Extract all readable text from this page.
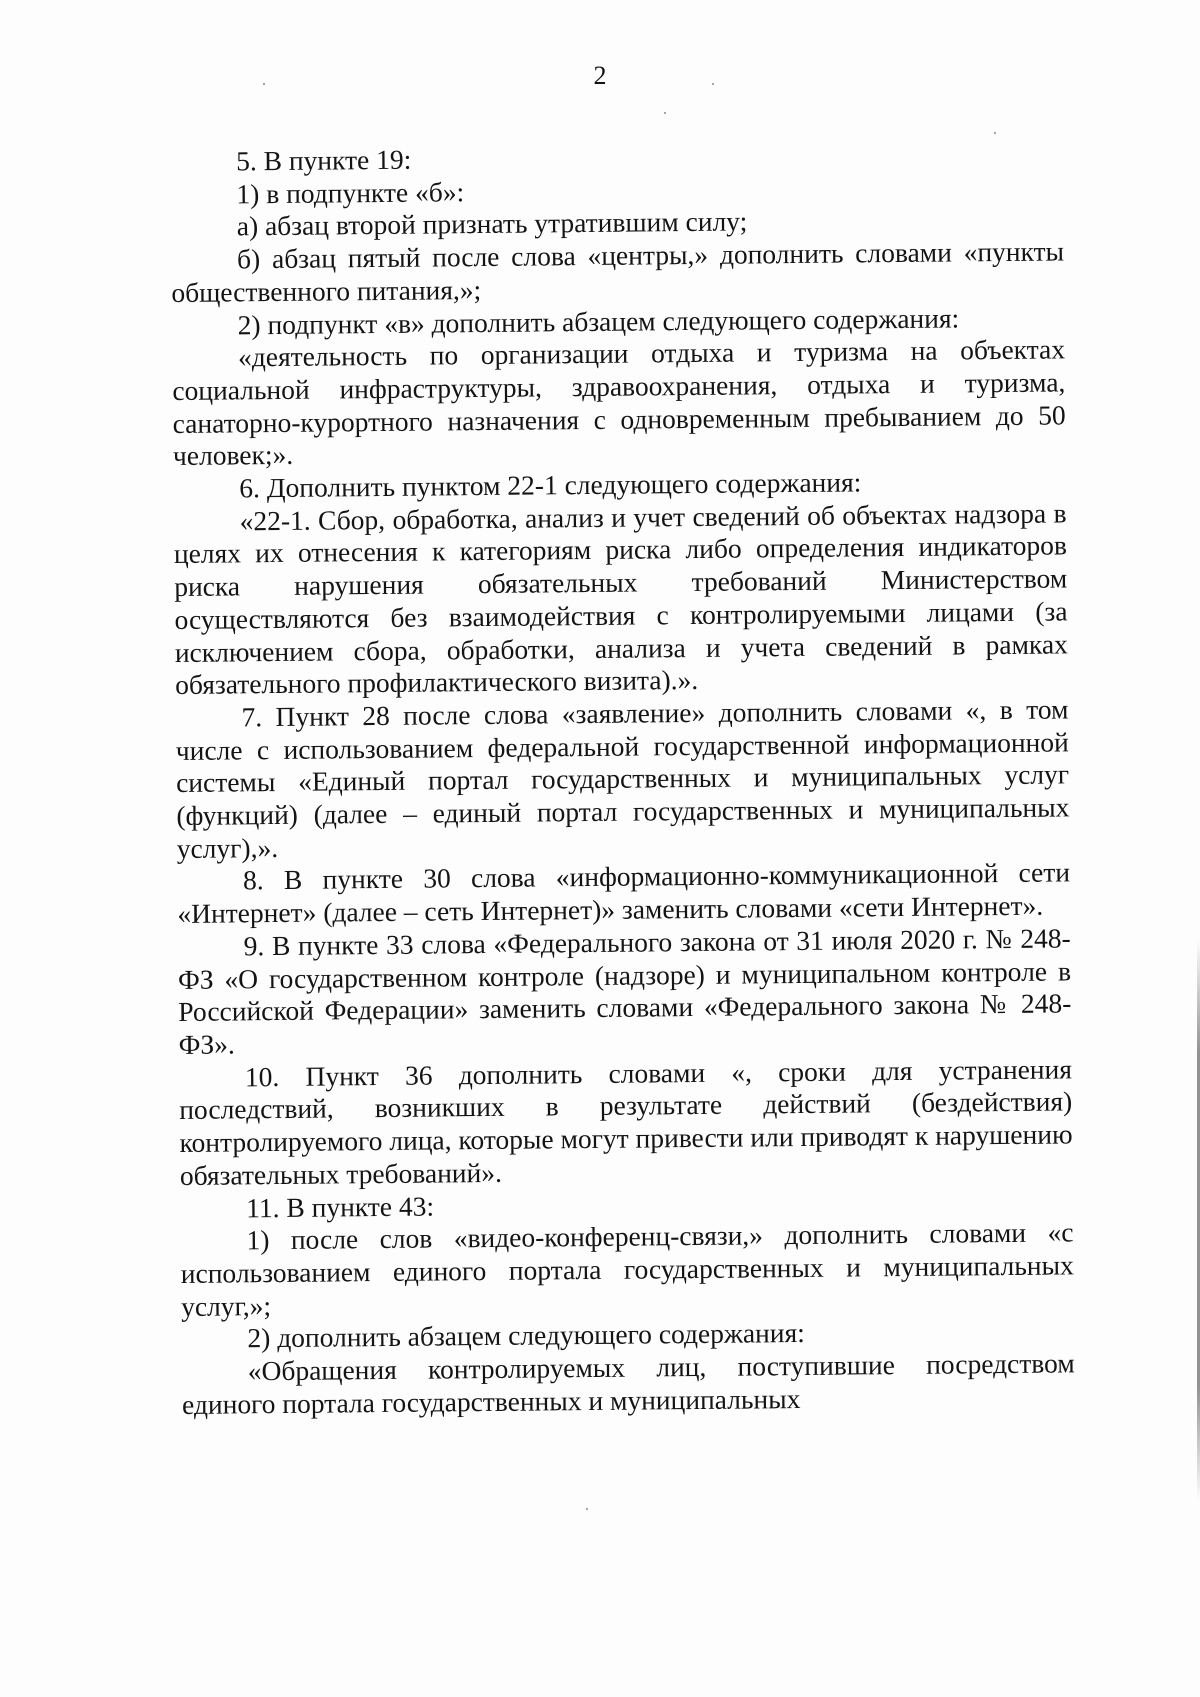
2

5. В пункте 19:

1) в подпункте «б»:

а) абзац второй признать утратившим силу;

б) абзац пятый после слова «центры,» дополнить словами «пункты общественного питания,»;

2) подпункт «в» дополнить абзацем следующего содержания:

«деятельность по организации отдыха и туризма на объектах социальной инфраструктуры, здравоохранения, отдыха и туризма, санаторно-курортного назначения с одновременным пребыванием до 50 человек;».

6. Дополнить пунктом 22-1 следующего содержания:

«22-1. Сбор, обработка, анализ и учет сведений об объектах надзора в целях их отнесения к категориям риска либо определения индикаторов риска нарушения обязательных требований Министерством осуществляются без взаимодействия с контролируемыми лицами (за исключением сбора, обработки, анализа и учета сведений в рамках обязательного профилактического визита).».

7. Пункт 28 после слова «заявление» дополнить словами «, в том числе с использованием федеральной государственной информационной системы «Единый портал государственных и муниципальных услуг (функций) (далее – единый портал государственных и муниципальных услуг),».

8. В пункте 30 слова «информационно-коммуникационной сети «Интернет» (далее – сеть Интернет)» заменить словами «сети Интернет».

9. В пункте 33 слова «Федерального закона от 31 июля 2020 г. № 248-ФЗ «О государственном контроле (надзоре) и муниципальном контроле в Российской Федерации» заменить словами «Федерального закона № 248-ФЗ».

10. Пункт 36 дополнить словами «, сроки для устранения последствий, возникших в результате действий (бездействия) контролируемого лица, которые могут привести или приводят к нарушению обязательных требований».

11. В пункте 43:

1) после слов «видео-конференц-связи,» дополнить словами «с использованием единого портала государственных и муниципальных услуг,»;

2) дополнить абзацем следующего содержания:

«Обращения контролируемых лиц, поступившие посредством единого портала государственных и муниципальных
